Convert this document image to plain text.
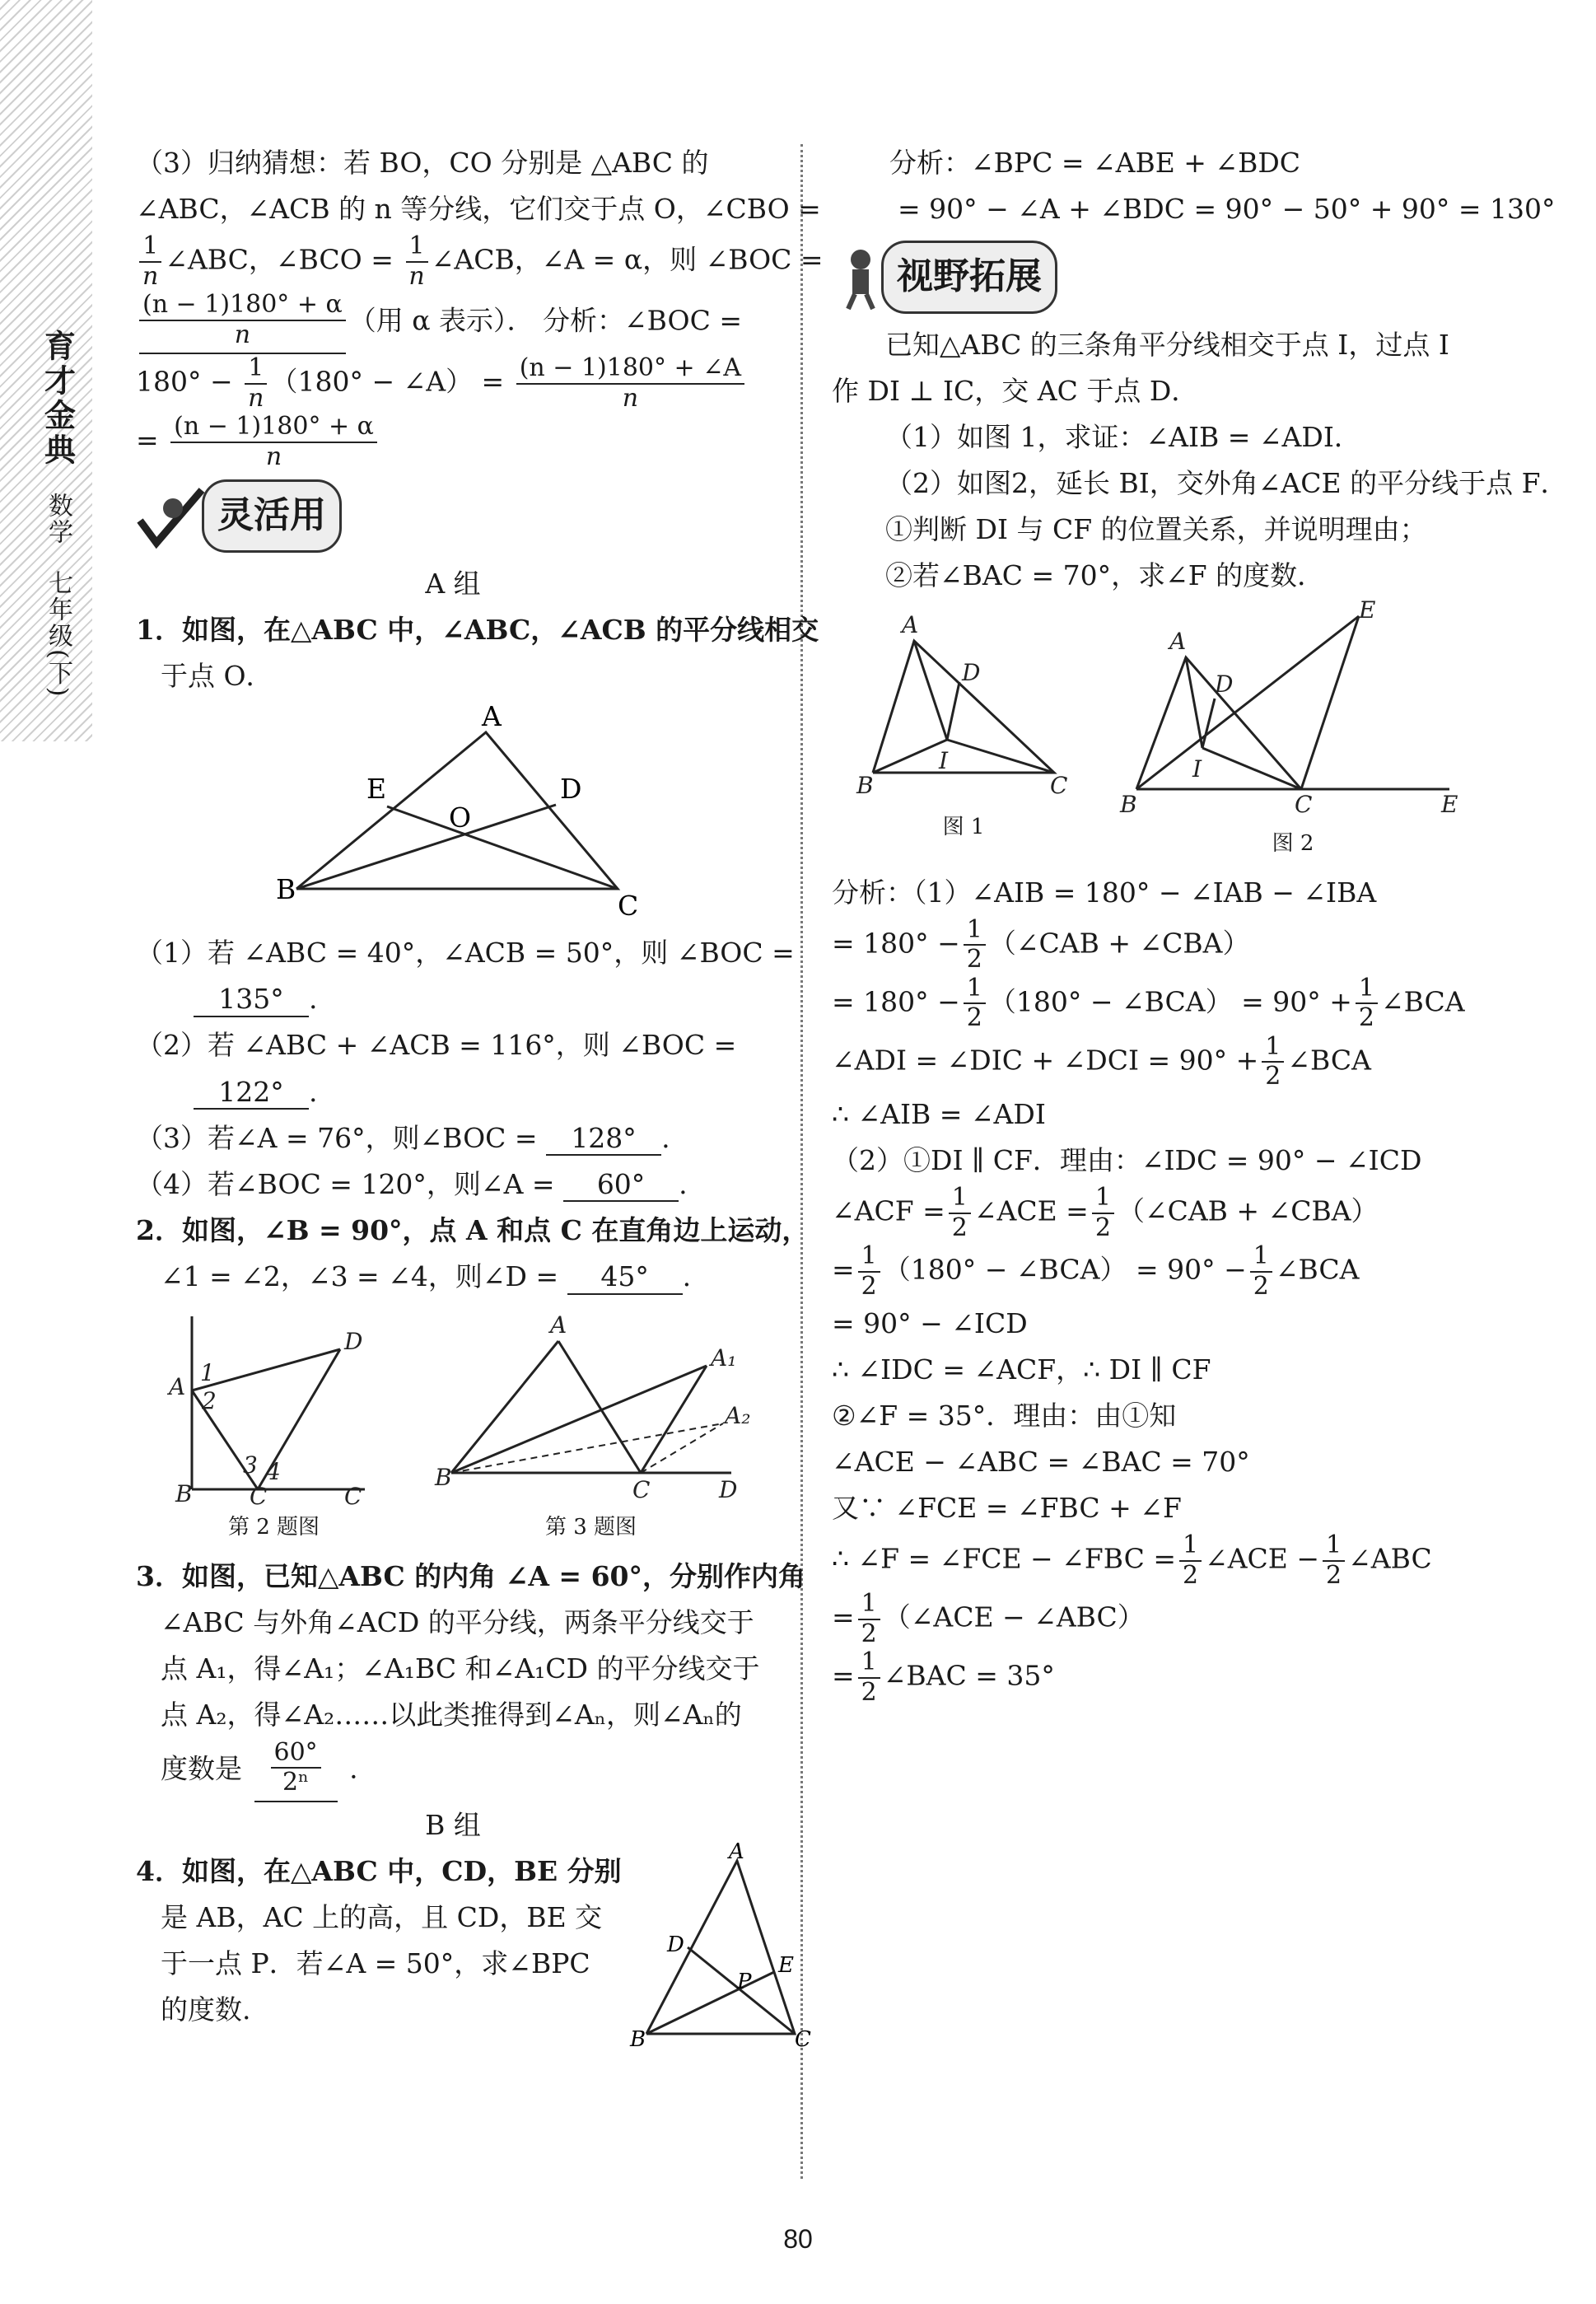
育才金典
数学
七年级(下)

（3）归纳猜想：若 BO，CO 分别是 △ABC 的

∠ABC，∠ACB 的 n 等分线，它们交于点 O，∠CBO =

$\frac{1}{n}$ ∠ABC，∠BCO = $\frac{1}{n}$ ∠ACB，∠A = α，则 ∠BOC =

$\frac{(n - 1)180^\circ + \alpha}{n}$ （用 α 表示）． 分析：∠BOC =

$180^\circ - \frac{1}{n} (180^\circ$ − ∠A） = $\frac{(n - 1)180^\circ + \angle A}{n}$

= $\frac{(n - 1)180^\circ + \alpha}{n}$

灵活用

A 组

1．如图，在△ABC 中，∠ABC，∠ACB 的平分线相交

于点 O．

A
B
C
E	D
O

（1）若 ∠ABC = 40°，∠ACB = 50°，则 ∠BOC =

135° .

（2）若 ∠ABC + ∠ACB = 116°，则 ∠BOC =

122° .

（3）若∠A = 76°，则∠BOC = 128° .

（4）若∠BOC = 120°，则∠A = 60° .

2．如图，∠B = 90°，点 A 和点 C 在直角边上运动，

∠1 = ∠2，∠3 = ∠4，则∠D = 45° .

D
A
B C	C
1
2
3 4
第 2 题图
A
A₁
A₂
B	C	D
第 3 题图

3．如图，已知△ABC 的内角 ∠A = 60°，分别作内角

∠ABC 与外角∠ACD 的平分线，两条平分线交于

点 A₁，得∠A₁；∠A₁BC 和∠A₁CD 的平分线交于

点 A₂，得∠A₂……以此类推得到∠Aₙ，则∠Aₙ的

度数是 $\frac{60^\circ}{\text{2ⁿ}}$ .

B 组

4．如图，在△ABC 中，CD，BE 分别

是 AB，AC 上的高，且 CD，BE 交

于一点 P．若∠A = 50°，求∠BPC

的度数.

A
B	C
D
E
P

分析：∠BPC = ∠ABE + ∠BDC

= 90° − ∠A + ∠BDC = 90° − 50° + 90° = 130°

视野拓展

已知△ABC 的三条角平分线相交于点 I，过点 I

作 DI ⊥ IC，交 AC 于点 D．

（1）如图 1，求证：∠AIB = ∠ADI．

（2）如图2，延长 BI，交外角∠ACE 的平分线于点 F．

①判断 DI 与 CF 的位置关系，并说明理由；

②若∠BAC = 70°，求∠F 的度数．

A
B	C
D
I
图 1
A
B	C	E
E
D
I
图 2

分析：（1）∠AIB = 180° − ∠IAB − ∠IBA

= $180^\circ - \frac{1}{2}$ （∠CAB + ∠CBA）

= $180^\circ - \frac{1}{2} (180^\circ$ − ∠BCA） = $90^\circ + \frac{1}{2}$ ∠BCA

∠ADI = ∠DIC + ∠DCI = $90^\circ + \frac{1}{2}$ ∠BCA

∴ ∠AIB = ∠ADI

（2）①DI ∥ CF．理由：∠IDC = 90° − ∠ICD

∠ACF = $\frac{1}{2}$ ∠ACE = $\frac{1}{2}$ （∠CAB + ∠CBA）

= $\frac{1}{2} (180^\circ$ − ∠BCA） = $90^\circ - \frac{1}{2}$ ∠BCA

= 90° − ∠ICD

∴ ∠IDC = ∠ACF，∴ DI ∥ CF

②∠F = 35°．理由：由①知

∠ACE − ∠ABC = ∠BAC = 70°

又∵ ∠FCE = ∠FBC + ∠F

∴ ∠F = ∠FCE − ∠FBC = $\frac{1}{2}$ ∠ACE − $\frac{1}{2}$ ∠ABC

= $\frac{1}{2}$ （∠ACE − ∠ABC）

= $\frac{1}{2}$ ∠BAC = 35°

80
